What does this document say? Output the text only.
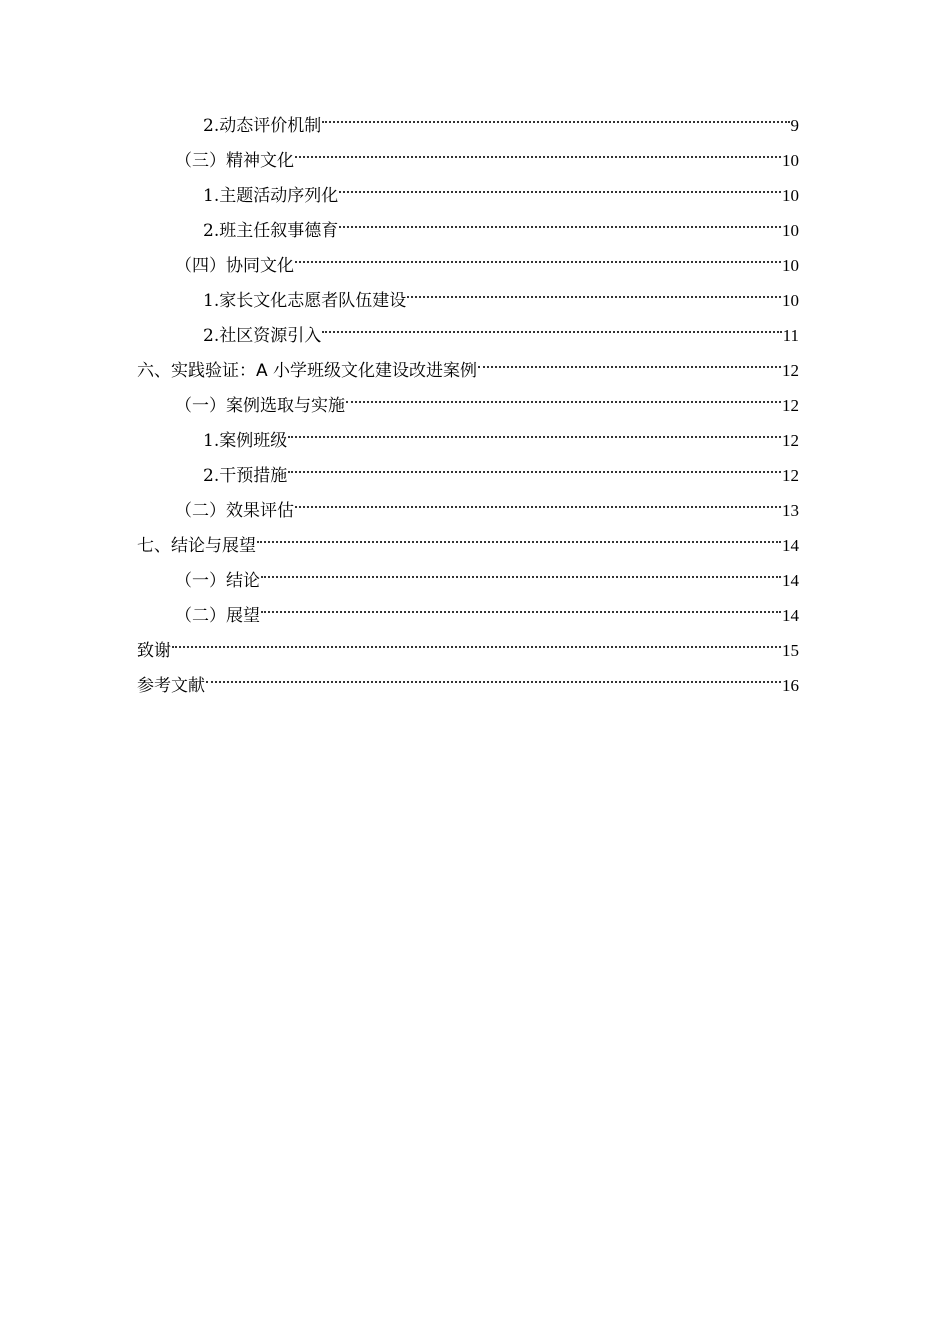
2.动态评价机制	9
（三）精神文化	10
1.主题活动序列化	10
2.班主任叙事德育	10
（四）协同文化	10
1.家长文化志愿者队伍建设	10
2.社区资源引入	11
六、实践验证：A 小学班级文化建设改进案例	12
（一）案例选取与实施	12
1.案例班级	12
2.干预措施	12
（二）效果评估	13
七、结论与展望	14
（一）结论	14
（二）展望	14
致谢	15
参考文献	16
